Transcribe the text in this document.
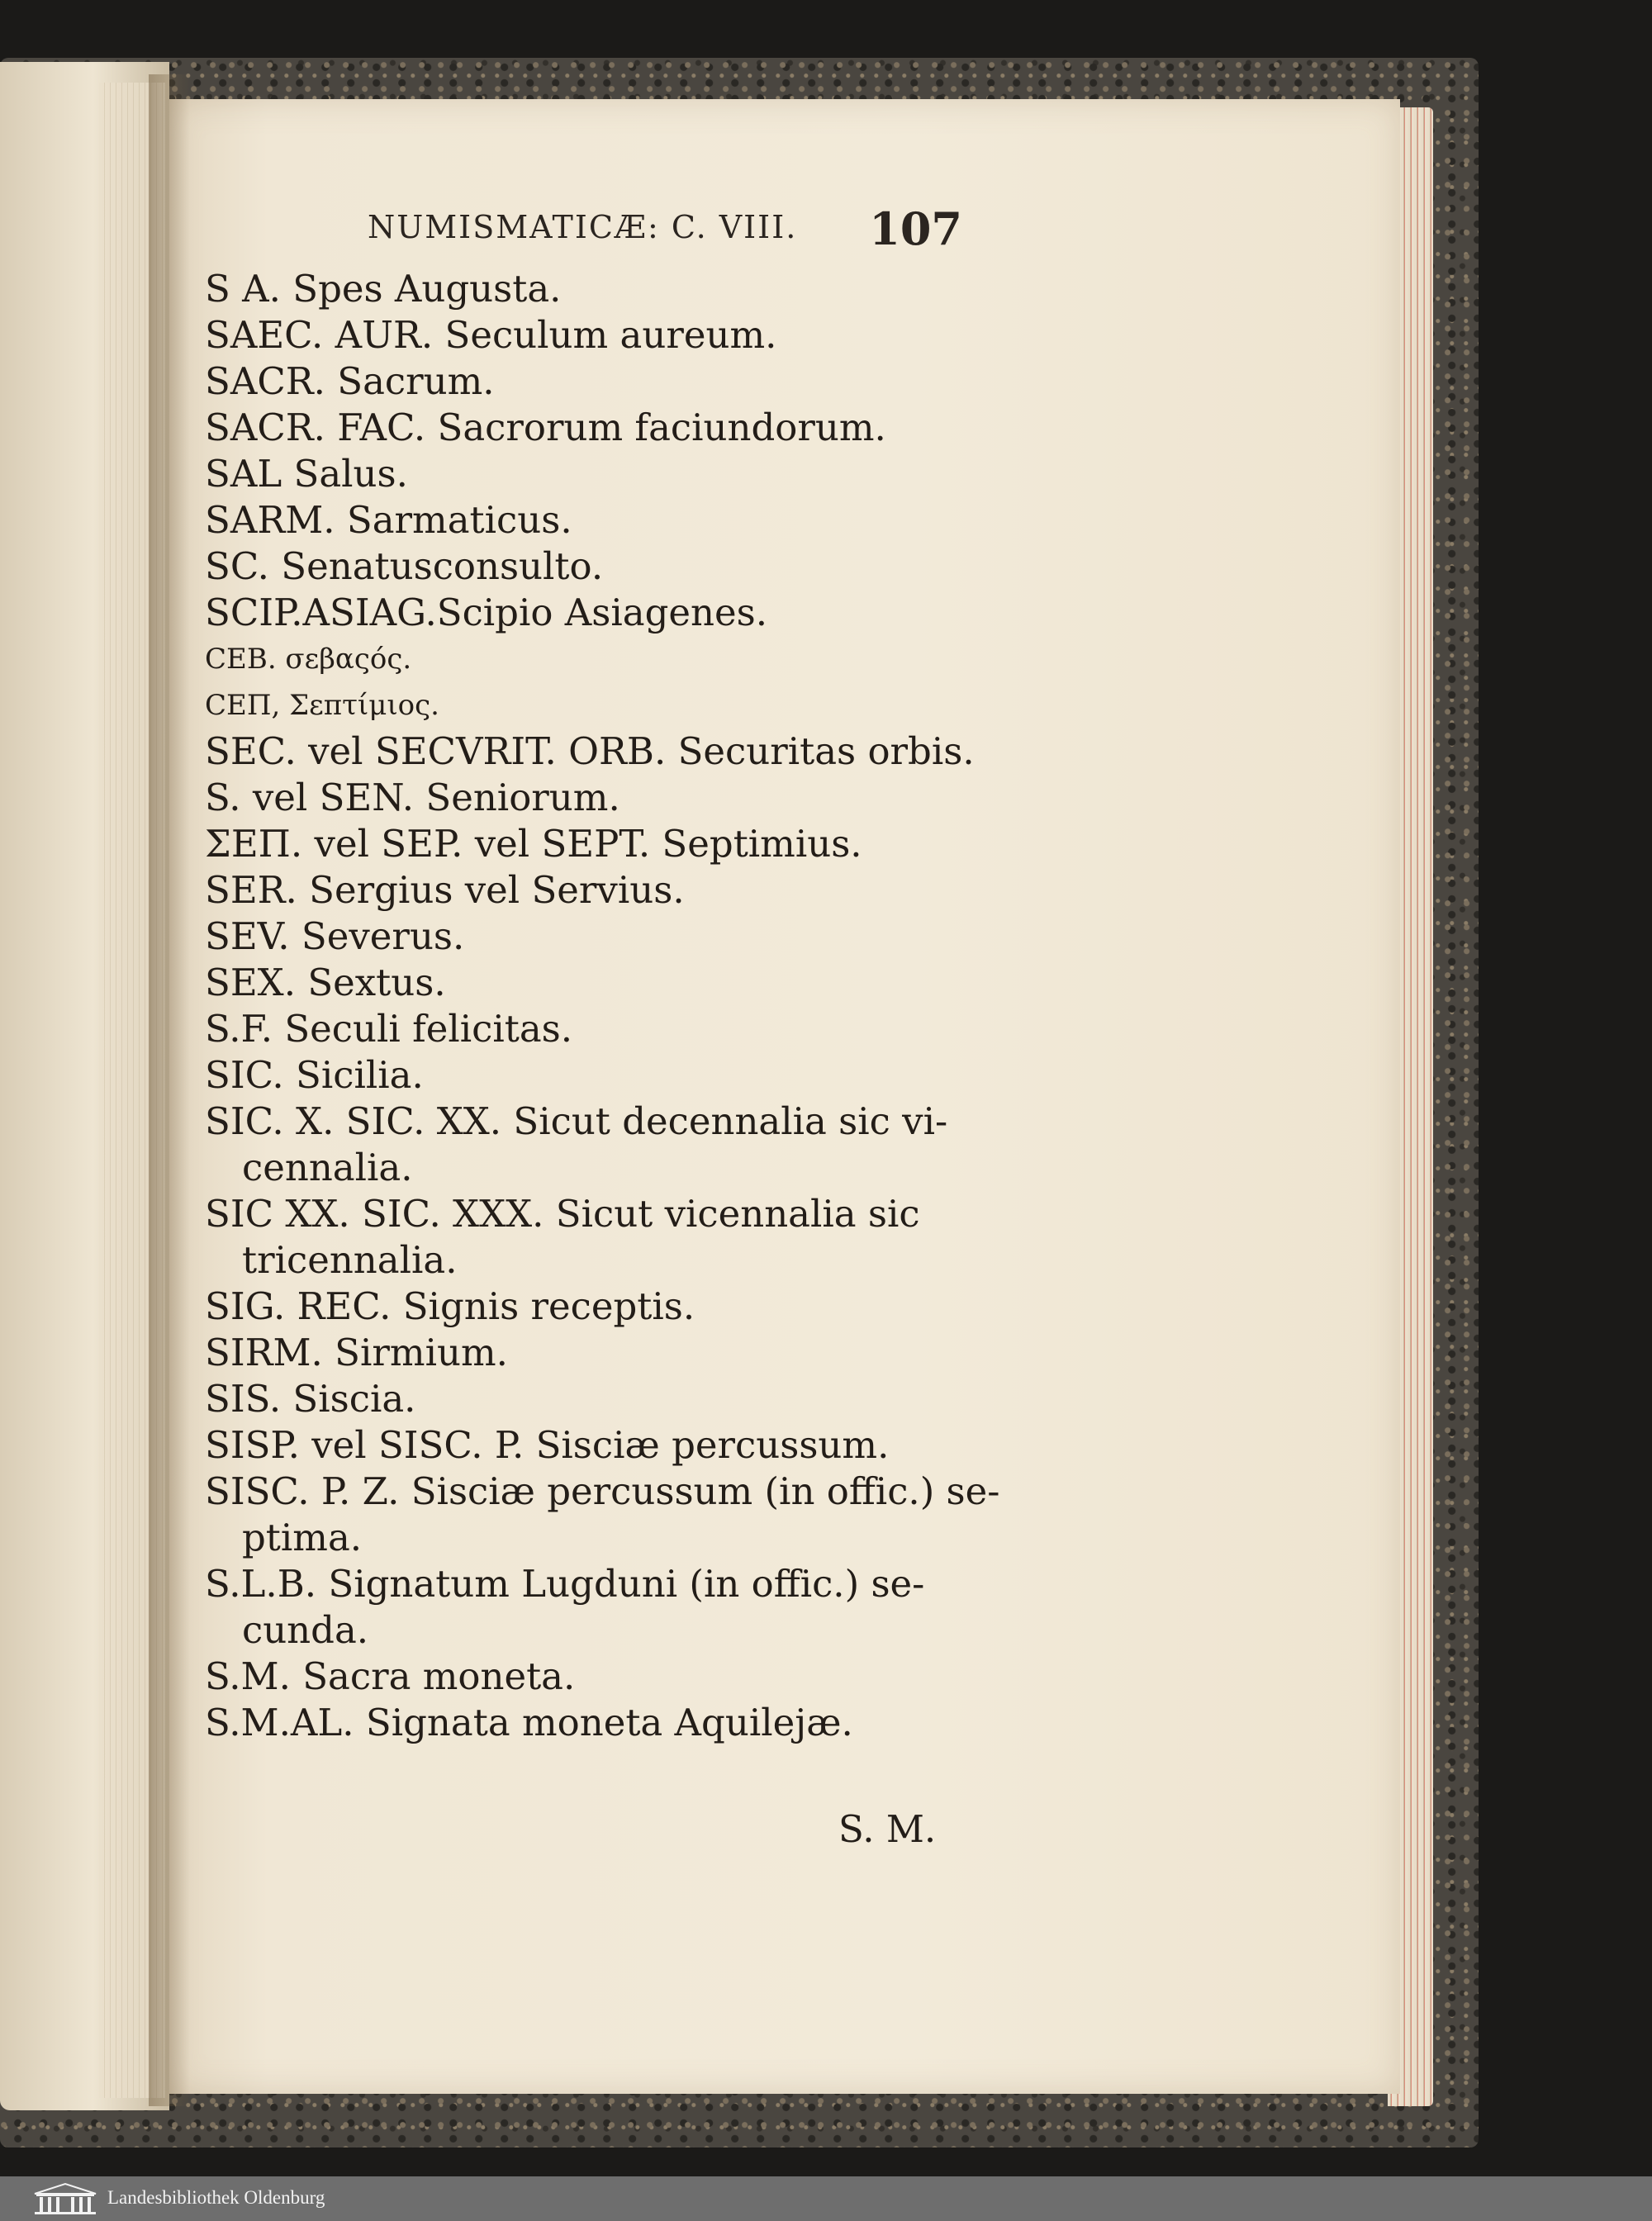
NUMISMATICÆ: C. VIII. 107
S A. Spes Augusta.
SAEC. AUR. Seculum aureum.
SACR. Sacrum.
SACR. FAC. Sacrorum faciundorum.
SAL Salus.
SARM. Sarmaticus.
SC. Senatusconsulto.
SCIP.ASIAG.Scipio Asiagenes.
CEB. σεβαςός.
CEΠ, Σεπτίμιος.
SEC. vel SECVRIT. ORB. Securitas orbis.
S. vel SEN. Seniorum.
ΣΕΠ. vel SEP. vel SEPT. Septimius.
SER. Sergius vel Servius.
SEV. Severus.
SEX. Sextus.
S.F. Seculi felicitas.
SIC. Sicilia.
SIC. X. SIC. XX. Sicut decennalia sic vi-
cennalia.
SIC XX. SIC. XXX. Sicut vicennalia sic
tricennalia.
SIG. REC. Signis receptis.
SIRM. Sirmium.
SIS. Siscia.
SISP. vel SISC. P. Sisciæ percussum.
SISC. P. Z. Sisciæ percussum (in offic.) se-
ptima.
S.L.B. Signatum Lugduni (in offic.) se-
cunda.
S.M. Sacra moneta.
S.M.AL. Signata moneta Aquilejæ.
S. M.
Landesbibliothek Oldenburg
